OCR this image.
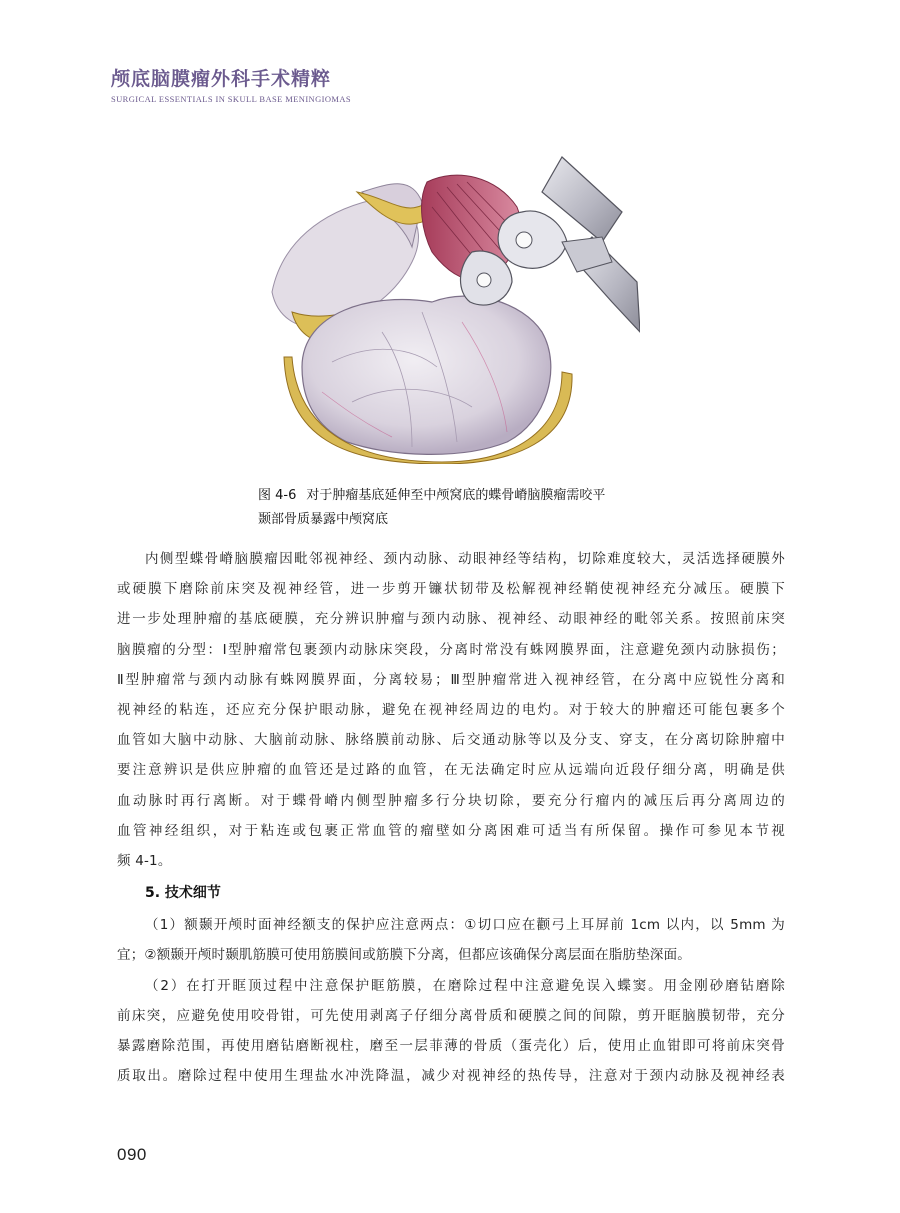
颅底脑膜瘤外科手术精粹
SURGICAL ESSENTIALS IN SKULL BASE MENINGIOMAS
图 4-6 对于肿瘤基底延伸至中颅窝底的蝶骨嵴脑膜瘤需咬平
颞部骨质暴露中颅窝底

内侧型蝶骨嵴脑膜瘤因毗邻视神经、颈内动脉、动眼神经等结构，切除难度较大，灵活选择硬膜外
或硬膜下磨除前床突及视神经管，进一步剪开镰状韧带及松解视神经鞘使视神经充分减压。硬膜下
进一步处理肿瘤的基底硬膜，充分辨识肿瘤与颈内动脉、视神经、动眼神经的毗邻关系。按照前床突
脑膜瘤的分型：Ⅰ型肿瘤常包裹颈内动脉床突段，分离时常没有蛛网膜界面，注意避免颈内动脉损伤；
Ⅱ型肿瘤常与颈内动脉有蛛网膜界面，分离较易；Ⅲ型肿瘤常进入视神经管，在分离中应锐性分离和
视神经的粘连，还应充分保护眼动脉，避免在视神经周边的电灼。对于较大的肿瘤还可能包裹多个
血管如大脑中动脉、大脑前动脉、脉络膜前动脉、后交通动脉等以及分支、穿支，在分离切除肿瘤中
要注意辨识是供应肿瘤的血管还是过路的血管，在无法确定时应从远端向近段仔细分离，明确是供
血动脉时再行离断。对于蝶骨嵴内侧型肿瘤多行分块切除，要充分行瘤内的减压后再分离周边的
血管神经组织，对于粘连或包裹正常血管的瘤壁如分离困难可适当有所保留。操作可参见本节视
频 4-1。

5. 技术细节

（1）额颞开颅时面神经额支的保护应注意两点：①切口应在颧弓上耳屏前 1cm 以内，以 5mm 为
宜；②额颞开颅时颞肌筋膜可使用筋膜间或筋膜下分离，但都应该确保分离层面在脂肪垫深面。

（2）在打开眶顶过程中注意保护眶筋膜，在磨除过程中注意避免误入蝶窦。用金刚砂磨钻磨除
前床突，应避免使用咬骨钳，可先使用剥离子仔细分离骨质和硬膜之间的间隙，剪开眶脑膜韧带，充分
暴露磨除范围，再使用磨钻磨断视柱，磨至一层菲薄的骨质（蛋壳化）后，使用止血钳即可将前床突骨
质取出。磨除过程中使用生理盐水冲洗降温，减少对视神经的热传导，注意对于颈内动脉及视神经表

090
